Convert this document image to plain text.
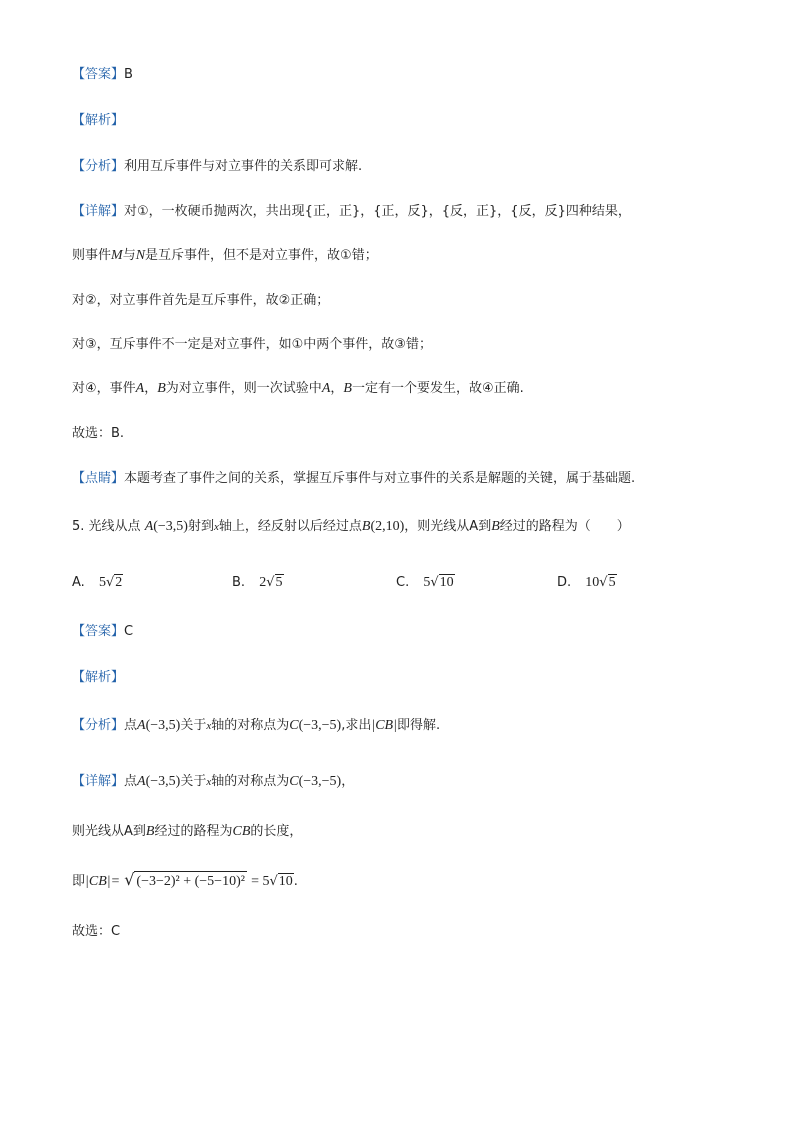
【答案】B
【解析】
【分析】利用互斥事件与对立事件的关系即可求解.
【详解】对①，一枚硬币抛两次，共出现{正，正}，{正，反}，{反，正}，{反，反}四种结果，
则事件M与N是互斥事件，但不是对立事件，故①错；
对②，对立事件首先是互斥事件，故②正确；
对③，互斥事件不一定是对立事件，如①中两个事件，故③错；
对④，事件A，B为对立事件，则一次试验中A，B一定有一个要发生，故④正确.
故选：B.
【点睛】本题考查了事件之间的关系，掌握互斥事件与对立事件的关系是解题的关键，属于基础题.
5. 光线从点 A(−3,5)射到x轴上，经反射以后经过点B(2,10)，则光线从A到B经过的路程为（　　）
A. 5√2	B. 2√5	C. 5√10	D. 10√5
【答案】C
【解析】
【分析】点A(−3,5)关于x轴的对称点为C(−3,−5),求出|CB|即得解.
【详解】点A(−3,5)关于x轴的对称点为C(−3,−5)，
则光线从A到B经过的路程为CB的长度，
即|CB|= √ (−3−2)² + (−5−10)² = 5√10.
故选：C
